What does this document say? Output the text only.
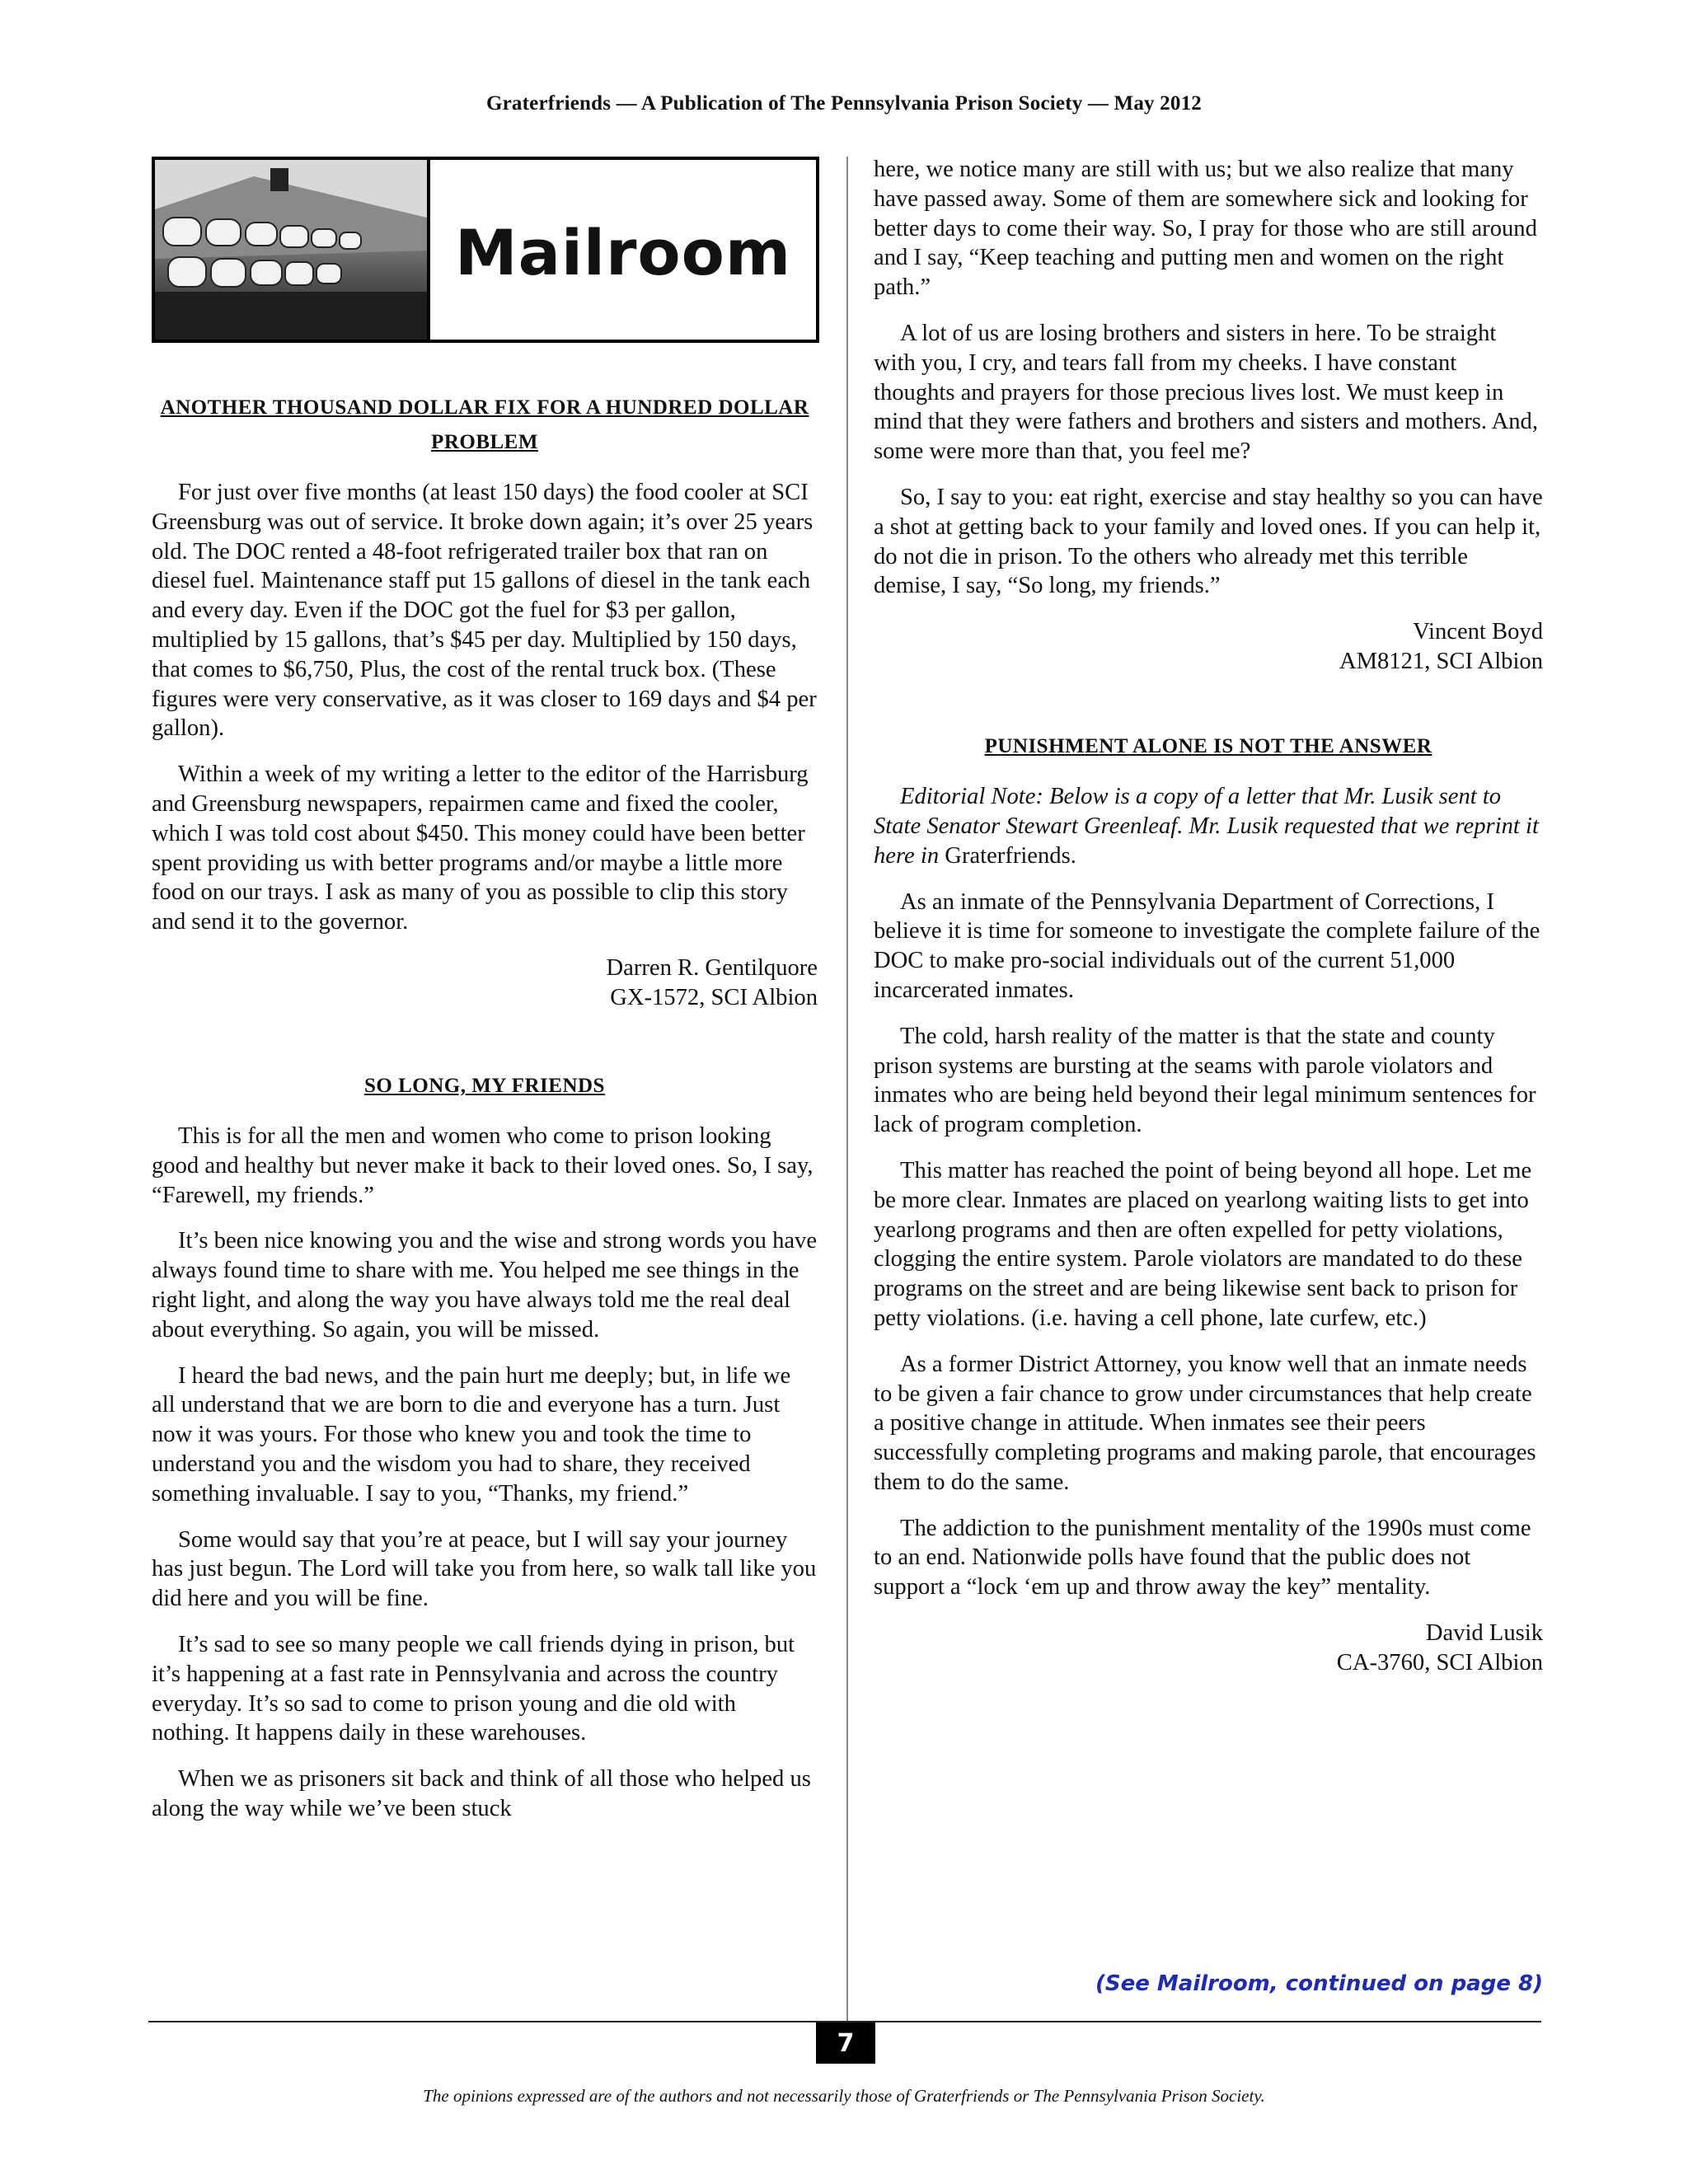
Graterfriends — A Publication of The Pennsylvania Prison Society — May 2012
Mailroom
ANOTHER THOUSAND DOLLAR FIX FOR A HUNDRED DOLLAR PROBLEM

For just over five months (at least 150 days) the food cooler at SCI Greensburg was out of service. It broke down again; it’s over 25 years old. The DOC rented a 48-foot refrigerated trailer box that ran on diesel fuel. Maintenance staff put 15 gallons of diesel in the tank each and every day. Even if the DOC got the fuel for $3 per gallon, multiplied by 15 gallons, that’s $45 per day. Multiplied by 150 days, that comes to $6,750, Plus, the cost of the rental truck box. (These figures were very conservative, as it was closer to 169 days and $4 per gallon).

Within a week of my writing a letter to the editor of the Harrisburg and Greensburg newspapers, repairmen came and fixed the cooler, which I was told cost about $450. This money could have been better spent providing us with better programs and/or maybe a little more food on our trays. I ask as many of you as possible to clip this story and send it to the governor.

Darren R. Gentilquore
GX-1572, SCI Albion
SO LONG, MY FRIENDS

This is for all the men and women who come to prison looking good and healthy but never make it back to their loved ones. So, I say, “Farewell, my friends.”

It’s been nice knowing you and the wise and strong words you have always found time to share with me. You helped me see things in the right light, and along the way you have always told me the real deal about everything. So again, you will be missed.

I heard the bad news, and the pain hurt me deeply; but, in life we all understand that we are born to die and everyone has a turn. Just now it was yours. For those who knew you and took the time to understand you and the wisdom you had to share, they received something invaluable. I say to you, “Thanks, my friend.”

Some would say that you’re at peace, but I will say your journey has just begun. The Lord will take you from here, so walk tall like you did here and you will be fine.

It’s sad to see so many people we call friends dying in prison, but it’s happening at a fast rate in Pennsylvania and across the country everyday. It’s so sad to come to prison young and die old with nothing. It happens daily in these warehouses.

When we as prisoners sit back and think of all those who helped us along the way while we’ve been stuck

here, we notice many are still with us; but we also realize that many have passed away. Some of them are somewhere sick and looking for better days to come their way. So, I pray for those who are still around and I say, “Keep teaching and putting men and women on the right path.”

A lot of us are losing brothers and sisters in here. To be straight with you, I cry, and tears fall from my cheeks. I have constant thoughts and prayers for those precious lives lost. We must keep in mind that they were fathers and brothers and sisters and mothers. And, some were more than that, you feel me?

So, I say to you: eat right, exercise and stay healthy so you can have a shot at getting back to your family and loved ones. If you can help it, do not die in prison. To the others who already met this terrible demise, I say, “So long, my friends.”

Vincent Boyd
AM8121, SCI Albion
PUNISHMENT ALONE IS NOT THE ANSWER

Editorial Note: Below is a copy of a letter that Mr. Lusik sent to State Senator Stewart Greenleaf. Mr. Lusik requested that we reprint it here in Graterfriends.

As an inmate of the Pennsylvania Department of Corrections, I believe it is time for someone to investigate the complete failure of the DOC to make pro-social individuals out of the current 51,000 incarcerated inmates.

The cold, harsh reality of the matter is that the state and county prison systems are bursting at the seams with parole violators and inmates who are being held beyond their legal minimum sentences for lack of program completion.

This matter has reached the point of being beyond all hope. Let me be more clear. Inmates are placed on yearlong waiting lists to get into yearlong programs and then are often expelled for petty violations, clogging the entire system. Parole violators are mandated to do these programs on the street and are being likewise sent back to prison for petty violations. (i.e. having a cell phone, late curfew, etc.)

As a former District Attorney, you know well that an inmate needs to be given a fair chance to grow under circumstances that help create a positive change in attitude. When inmates see their peers successfully completing programs and making parole, that encourages them to do the same.

The addiction to the punishment mentality of the 1990s must come to an end. Nationwide polls have found that the public does not support a “lock ‘em up and throw away the key” mentality.

David Lusik
CA-3760, SCI Albion
(See Mailroom, continued on page 8)
7
The opinions expressed are of the authors and not necessarily those of Graterfriends or The Pennsylvania Prison Society.
